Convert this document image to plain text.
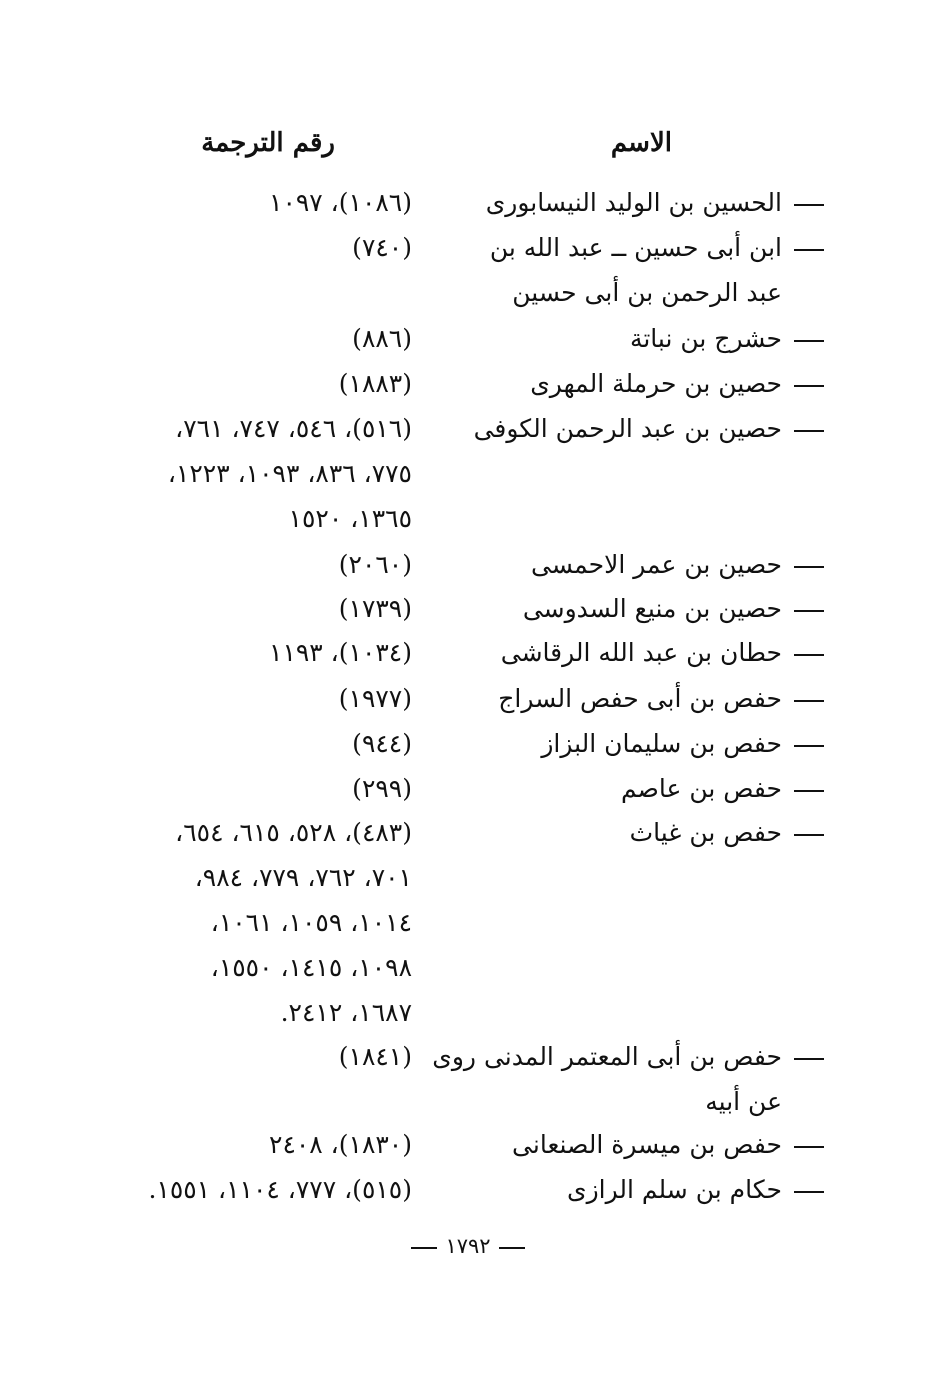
الاسم
رقم الترجمة
الحسين بن الوليد النيسابورى
(١٠٨٦)، ١٠٩٧
ابن أبى حسين ــ عبد الله بن
عبد الرحمن بن أبى حسين
(٧٤٠)
حشرج بن نباتة
(٨٨٦)
حصين بن حرملة المهرى
(١٨٨٣)
حصين بن عبد الرحمن الكوفى
(٥١٦)، ٥٤٦، ٧٤٧، ٧٦١،
٧٧٥، ٨٣٦، ١٠٩٣، ١٢٢٣،
١٣٦٥، ١٥٢٠
حصين بن عمر الاحمسى
(٢٠٦٠)
حصين بن منيع السدوسى
(١٧٣٩)
حطان بن عبد الله الرقاشى
(١٠٣٤)، ١١٩٣
حفص بن أبى حفص السراج
(١٩٧٧)
حفص بن سليمان البزاز
(٩٤٤)
حفص بن عاصم
(٢٩٩)
حفص بن غياث
(٤٨٣)، ٥٢٨، ٦١٥، ٦٥٤،
٧٠١، ٧٦٢، ٧٧٩، ٩٨٤،
١٠١٤، ١٠٥٩، ١٠٦١،
١٠٩٨، ١٤١٥، ١٥٥٠،
١٦٨٧، ٢٤١٢.
حفص بن أبى المعتمر المدنى روى
عن أبيه
(١٨٤١)
حفص بن ميسرة الصنعانى
(١٨٣٠)، ٢٤٠٨
حكام بن سلم الرازى
(٥١٥)، ٧٧٧، ١١٠٤، ١٥٥١.
١٧٩٢
